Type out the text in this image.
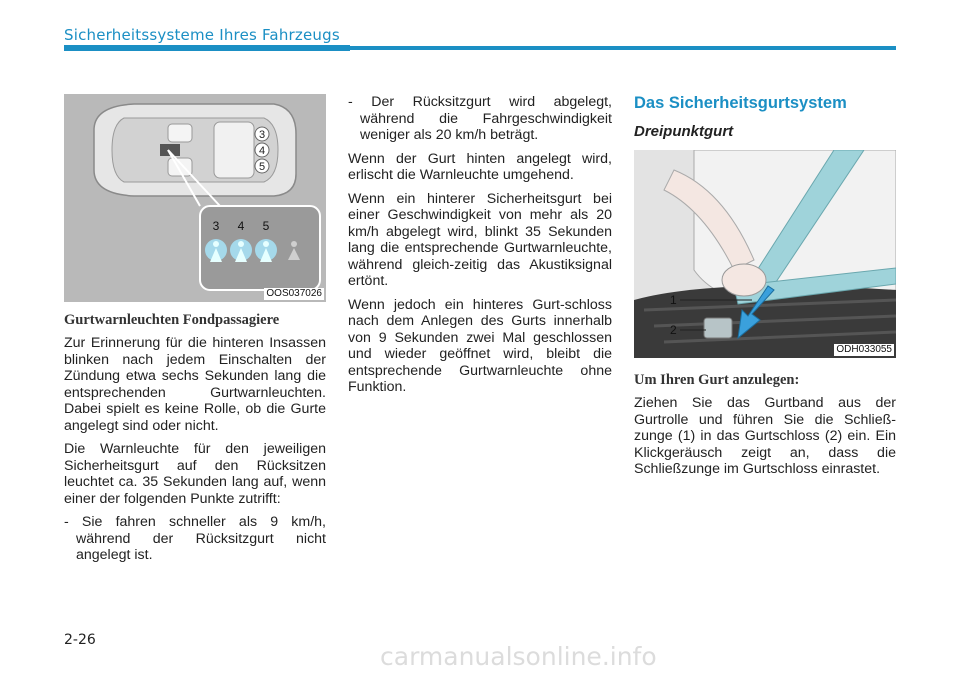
Sicherheitssysteme Ihres Fahrzeugs
3
4
5
3 4 5
OOS037026
Gurtwarnleuchten Fondpassagiere

Zur Erinnerung für die hinteren Insassen blinken nach jedem Einschalten der Zündung etwa sechs Sekunden lang die entsprechenden Gurtwarnleuchten. Dabei spielt es keine Rolle, ob die Gurte angelegt sind oder nicht.

Die Warnleuchte für den jeweiligen Sicherheitsgurt auf den Rücksitzen leuchtet ca. 35 Sekunden lang auf, wenn einer der folgenden Punkte zutrifft:

- Sie fahren schneller als 9 km/h, während der Rücksitzgurt nicht angelegt ist.

- Der Rücksitzgurt wird abgelegt, während die Fahrgeschwindigkeit weniger als 20 km/h beträgt.

Wenn der Gurt hinten angelegt wird, erlischt die Warnleuchte umgehend.

Wenn ein hinterer Sicherheitsgurt bei einer Geschwindigkeit von mehr als 20 km/h abgelegt wird, blinkt 35 Sekunden lang die entsprechende Gurtwarnleuchte, während gleich-zeitig das Akustiksignal ertönt.

Wenn jedoch ein hinteres Gurt-schloss nach dem Anlegen des Gurts innerhalb von 9 Sekunden zwei Mal geschlossen und wieder geöffnet wird, bleibt die entsprechende Gurtwarnleuchte ohne Funktion.

Das Sicherheitsgurtsystem
Dreipunktgurt
1
2
ODH033055
Um Ihren Gurt anzulegen:

Ziehen Sie das Gurtband aus der Gurtrolle und führen Sie die Schließ-zunge (1) in das Gurtschloss (2) ein. Ein Klickgeräusch zeigt an, dass die Schließzunge im Gurtschloss einrastet.

2-26
carmanualsonline.info
